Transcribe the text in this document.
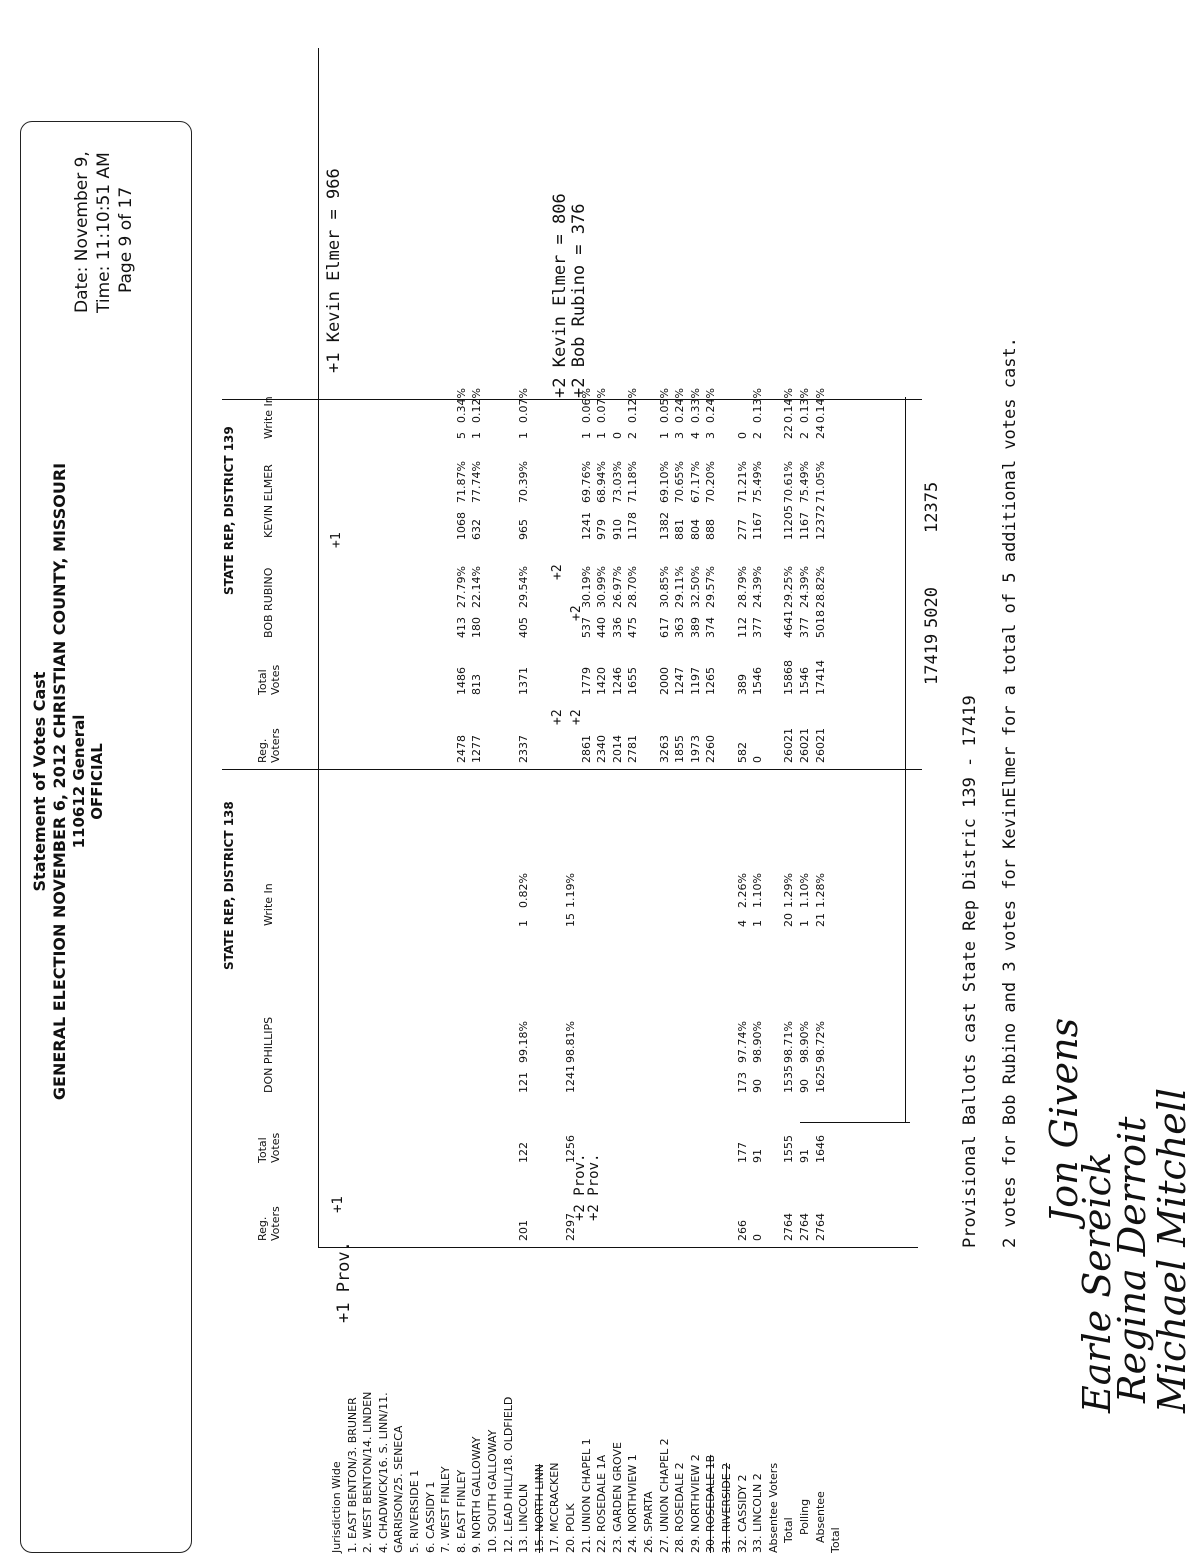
Statement of Votes Cast GENERAL ELECTION NOVEMBER 6, 2012 CHRISTIAN COUNTY, MISSOURI 110612 General OFFICIAL
Date: November 9, Time: 11:10:51 AM Page 9 of 17
STATE REP, DISTRICT 138
STATE REP, DISTRICT 139
Reg. Voters
Total Votes
DON PHILLIPS
Write In
Reg. Voters
Total Votes
BOB RUBINO
KEVIN ELMER
Write In
Jurisdiction Wide 1. EAST BENTON/3. BRUNER 2. WEST BENTON/14. LINDEN 4. CHADWICK/16. S. LINN/11. GARRISON/25. SENECA 5. RIVERSIDE 1 6. CASSIDY 1 7. WEST FINLEY 8. EAST FINLEY 9. NORTH GALLOWAY 10. SOUTH GALLOWAY 12. LEAD HILL/18. OLDFIELD 13. LINCOLN 15. NORTH LINN 17. MCCRACKEN 20. POLK 21. UNION CHAPEL 1 22. ROSEDALE 1A 23. GARDEN GROVE 24. NORTHVIEW 1 26. SPARTA 27. UNION CHAPEL 2 28. ROSEDALE 2 29. NORTHVIEW 2 30. ROSEDALE 1B 31. RIVERSIDE 2 32. CASSIDY 2 33. LINCOLN 2 Absentee Voters Total Polling Absentee Total
201
122
121
99.18%
1
0.82%
2337
1371
405
29.54%
965
70.39%
1
0.07%
2478
1486
413
27.79%
1068
71.87%
5
0.34%
1277
813
180
22.14%
632
77.74%
1
0.12%
2297
1256
1241
98.81%
15
1.19%
2861
1779
537
30.19%
1241
69.76%
1
0.06%
2340
1420
440
30.99%
979
68.94%
1
0.07%
2014
1246
336
26.97%
910
73.03%
0
2781
1655
475
28.70%
1178
71.18%
2
0.12%
3263
2000
617
30.85%
1382
69.10%
1
0.05%
1855
1247
363
29.11%
881
70.65%
3
0.24%
1973
1197
389
32.50%
804
67.17%
4
0.33%
2260
1265
374
29.57%
888
70.20%
3
0.24%
266
177
173
97.74%
4
2.26%
582
389
112
28.79%
277
71.21%
0
0
91
90
98.90%
1
1.10%
0
1546
377
24.39%
1167
75.49%
2
0.13%
2764
1555
1535
98.71%
20
1.29%
26021
15868
4641
29.25%
11205
70.61%
22
0.14%
2764
91
90
98.90%
1
1.10%
26021
1546
377
24.39%
1167
75.49%
2
0.13%
2764
1646
1625
98.72%
21
1.28%
26021
17414
5018
28.82%
12372
71.05%
24
0.14%
+1 Prov.
+2 Prov.
+2 Prov.
+1
+2 +2
+2
+2
+1
+1 Kevin Elmer = 966	+2 Kevin Elmer = 806 +2 Bob Rubino = 376
17419
5020
12375
Provisional Ballots cast State Rep Distric 139 - 17419 2 votes for Bob Rubino and 3 votes for KevinElmer for a total of 5 additional votes cast. Jon Givens
Earle Sereick
Regina Derroit
Michael Mitchell
